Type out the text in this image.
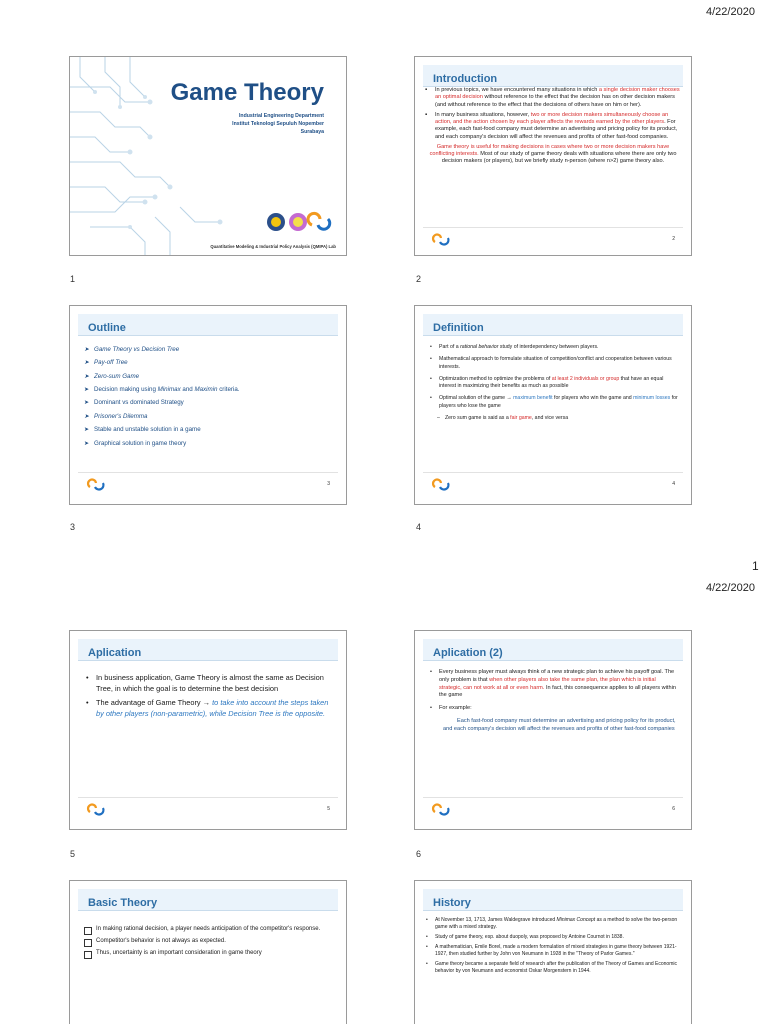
4/22/2020
1
4/22/2020
Game Theory
Industrial Engineering Department
Institut Teknologi Sepuluh Nopember
Surabaya
Quantitative Modeling & Industrial Policy Analysis (QMIPA) Lab
1
Introduction
▪ In previous topics, we have encountered many situations in which a single decision maker chooses an optimal decision without reference to the effect that the decision has on other decision makers (and without reference to the effect that the decisions of others have on him or her).
▪ In many business situations, however, two or more decision makers simultaneously choose an action, and the action chosen by each player affects the rewards earned by the other players. For example, each fast-food company must determine an advertising and pricing policy for its product, and each company's decision will affect the revenues and profits of other fast-food companies.

Game theory is useful for making decisions in cases where two or more decision makers have conflicting interests. Most of our study of game theory deals with situations where there are only two decision makers (or players), but we briefly study n-person (where n>2) game theory also.

2
2
Outline
➤ Game Theory vs Decision Tree
➤ Pay-off Tree
➤ Zero-sum Game
➤ Decision making using Minimax and Maximin criteria.
➤ Dominant vs dominated Strategy
➤ Prisoner's Dilemma
➤ Stable and unstable solution in a game
➤ Graphical solution in game theory
3
3
Definition
• Part of a rational behavior study of interdependency between players.
• Mathematical approach to formulate situation of competition/conflict and cooperation between various interests.
• Optimization method to optimize the problems of at least 2 individuals or group that have an equal interest in maximizing their benefits as much as possible
• Optimal solution of the game → maximum benefit for players who win the game and minimum losses for players who lose the game
– Zero sum game is said as a fair game, and vice versa
4
4
Aplication
• In business application, Game Theory is almost the same as Decision Tree, in which the goal is to determine the best decision
• The advantage of Game Theory → to take into account the steps taken by other players (non-parametric), while Decision Tree is the opposite.
5
5
Aplication (2)
• Every business player must always think of a new strategic plan to achieve his payoff goal. The only problem is that when other players also take the same plan, the plan which is initial strategic, can not work at all or even harm. In fact, this consequence applies to all players within the game
• For example:

Each fast-food company must determine an advertising and pricing policy for its product, and each company's decision will affect the revenues and profits of other fast-food companies

6
6
Basic Theory
In making rational decision, a player needs anticipation of the competitor's response.
Competitor's behavior is not always as expected.
Thus, uncertainty is an important consideration in game theory
History
• At November 13, 1713, James Waldegrave introduced Minimax Concept as a method to solve the two-person game with a mixed strategy.
• Study of game theory, esp. about duopoly, was proposed by Antoine Cournot in 1838.
• A mathematician, Emile Borel, made a modern formulation of mixed strategies in game theory between 1921-1927, then studied further by John von Neumann in 1928 in the "Theory of Parlor Games."
• Game theory became a separate field of research after the publication of the Theory of Games and Economic behavior by von Neumann and economist Oskar Morgenstern in 1944.
